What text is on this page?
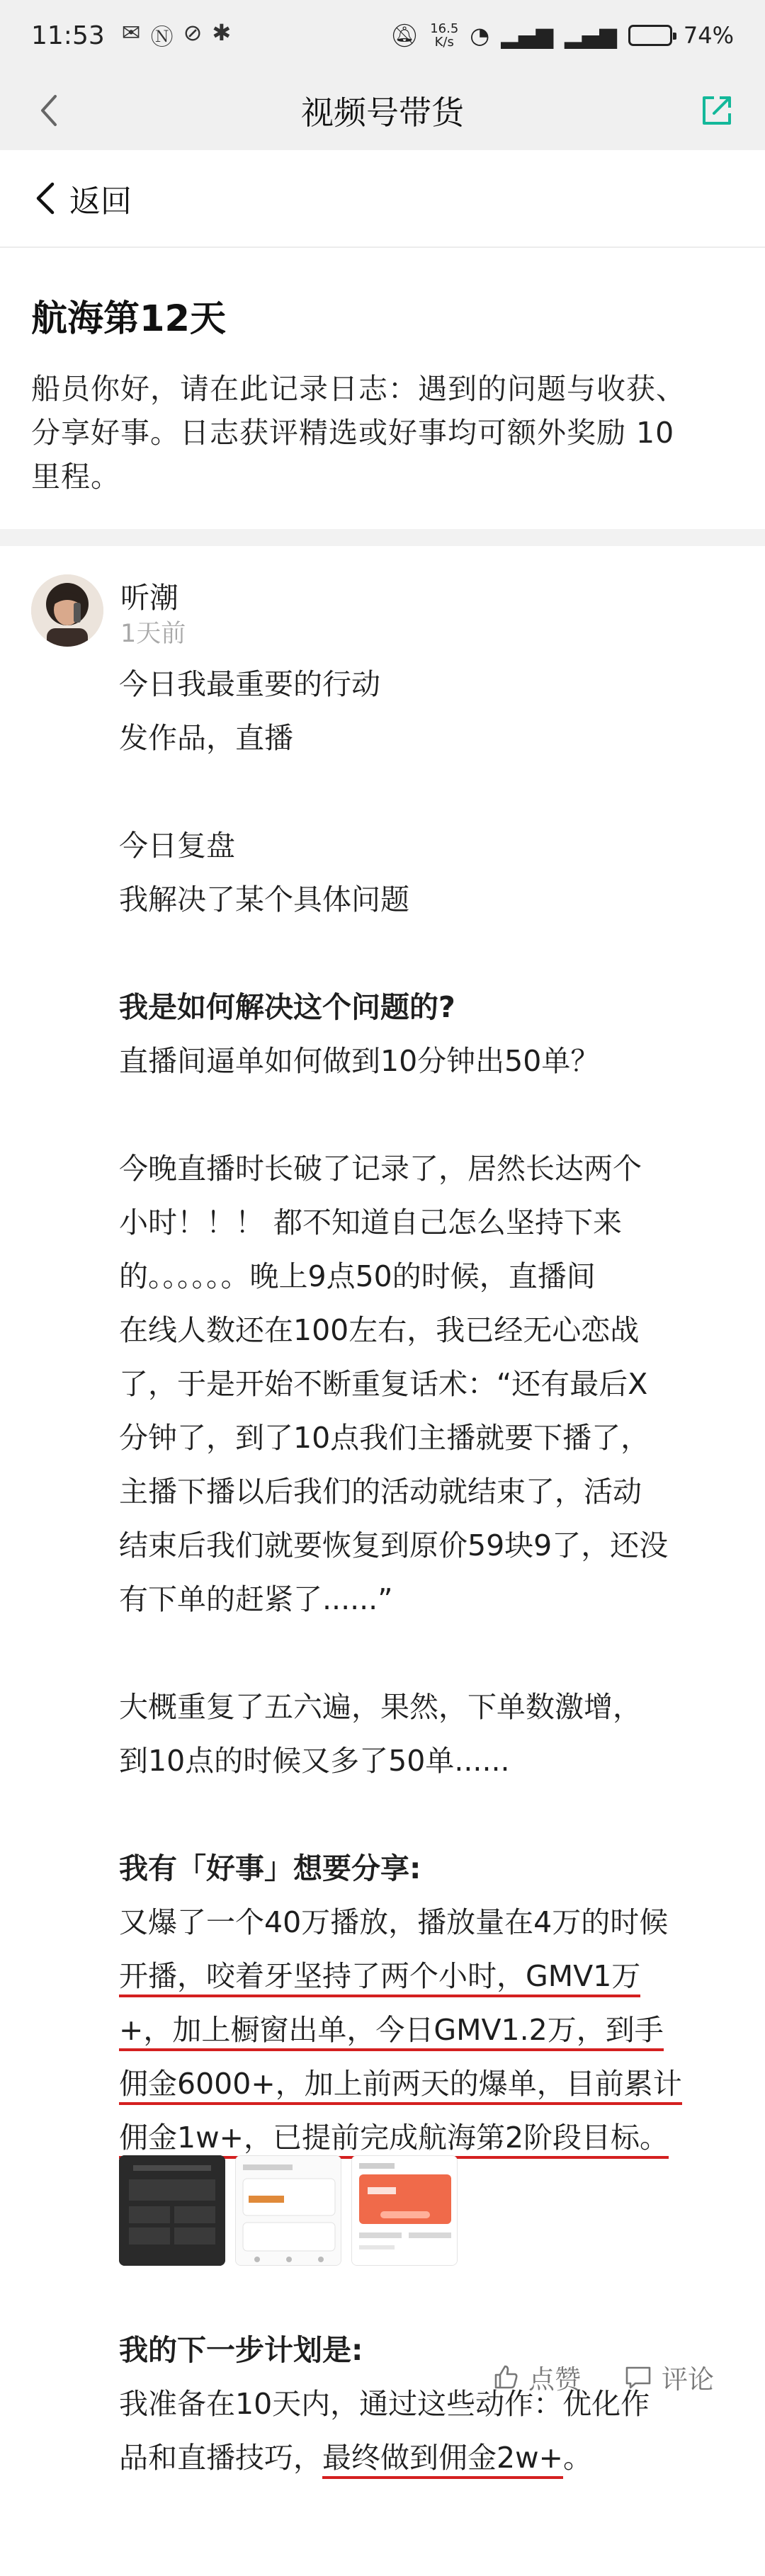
11:53 ✉ Ⓝ ⊘ ✱	🔕︎ 16.5
K/s ◔ ▂▄▆ ▂▄▆	74%
视频号带货
返回
航海第12天

船员你好，请在此记录日志：遇到的问题与收获、
分享好事。日志获评精选或好事均可额外奖励 10
里程。

听潮
1天前
今日我最重要的行动
发作品，直播
今日复盘
我解决了某个具体问题
我是如何解决这个问题的?
直播间逼单如何做到10分钟出50单？
今晚直播时长破了记录了，居然长达两个
小时！！！ 都不知道自己怎么坚持下来
的。。。。。。晚上9点50的时候，直播间
在线人数还在100左右，我已经无心恋战
了，于是开始不断重复话术：“还有最后X
分钟了，到了10点我们主播就要下播了，
主播下播以后我们的活动就结束了，活动
结束后我们就要恢复到原价59块9了，还没
有下单的赶紧了......”
大概重复了五六遍，果然，下单数激增，
到10点的时候又多了50单......
我有「好事」想要分享:
又爆了一个40万播放，播放量在4万的时候
开播，咬着牙坚持了两个小时，GMV1万
+，加上橱窗出单，今日GMV1.2万，到手
佣金6000+，加上前两天的爆单，目前累计
佣金1w+，已提前完成航海第2阶段目标。
我的下一步计划是:
我准备在10天内，通过这些动作：优化作
品和直播技巧，最终做到佣金2w+。
点赞	评论
